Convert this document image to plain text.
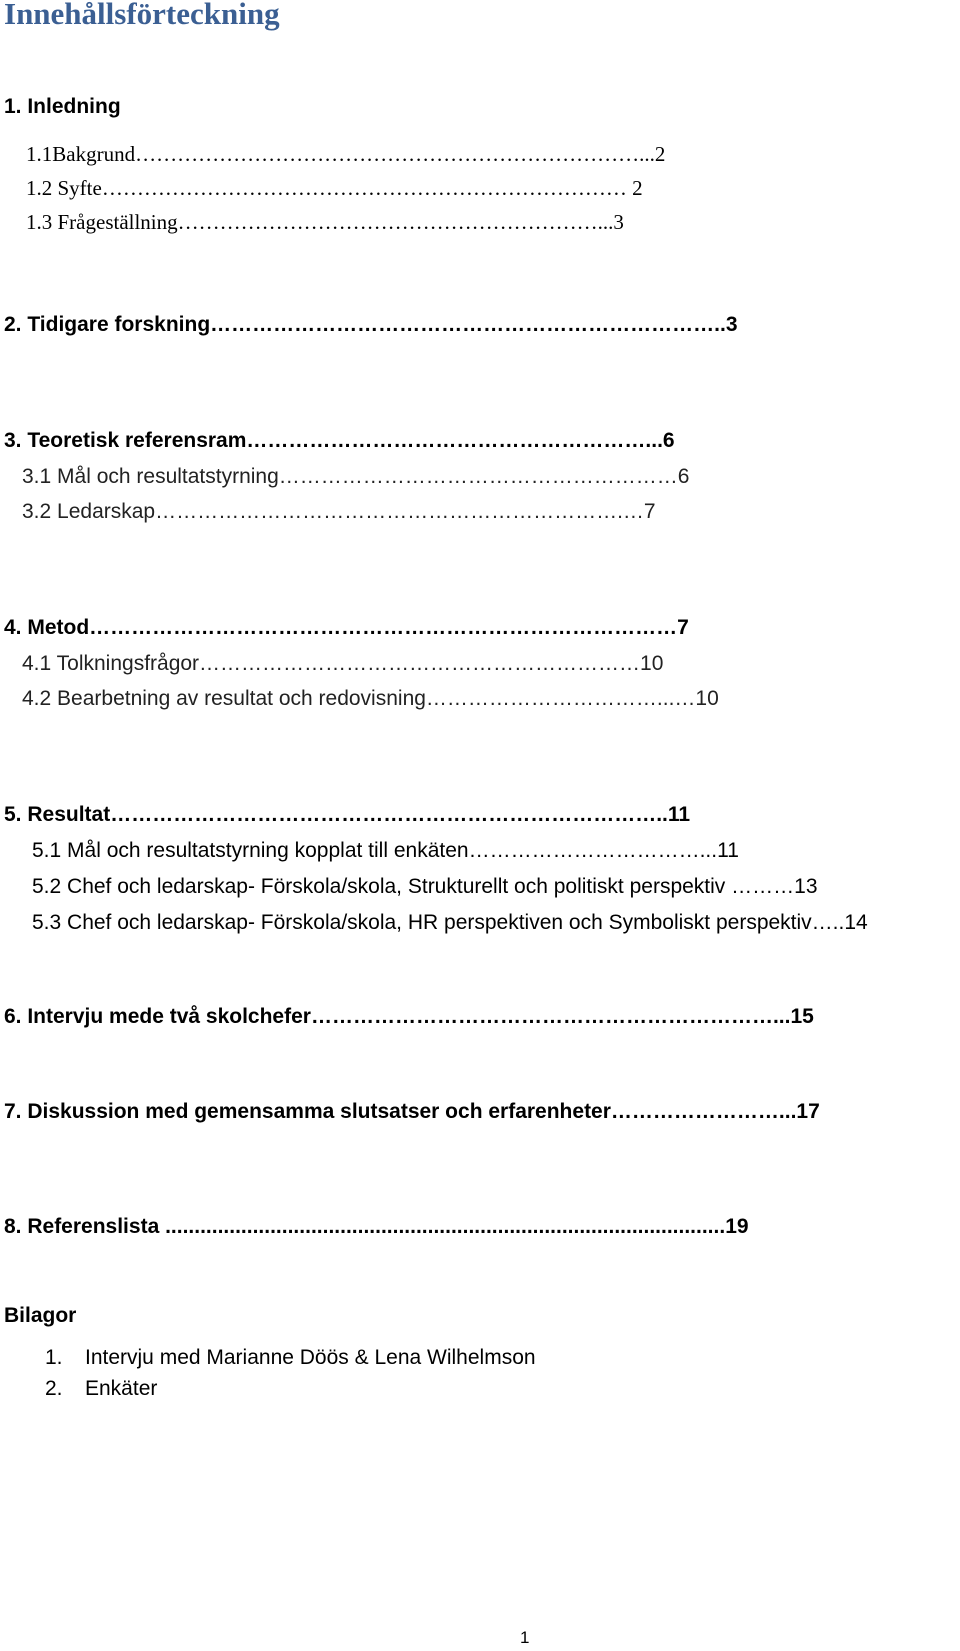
Innehållsförteckning
1. Inledning
1.1Bakgrund………………………………………………………………...2
1.2 Syfte………………………………………………………………… 2
1.3 Frågeställning……………………………………………………...3
2. Tidigare forskning………………………………………………………………..3
3. Teoretisk referensram…………………………………………………...6
3.1 Mål och resultatstyrning…………………………………………………6
3.2 Ledarskap………………………………………………………….…7
4. Metod…………………………………………………………………………7
4.1 Tolkningsfrågor………………………………………………………10
4.2 Bearbetning av resultat och redovisning……………………………...…10
5. Resultat……………………………………………………………………..11
5.1 Mål och resultatstyrning kopplat till enkäten……………………………...11
5.2 Chef och ledarskap- Förskola/skola, Strukturellt och politiskt perspektiv ………13
5.3 Chef och ledarskap- Förskola/skola, HR perspektiven och Symboliskt perspektiv…..14
6. Intervju mede två skolchefer…………………………………………………………...15
7. Diskussion med gemensamma slutsatser och erfarenheter……………………...17
8. Referenslista ................................................................................................19
Bilagor
1. Intervju med Marianne Döös & Lena Wilhelmson
2. Enkäter
1
